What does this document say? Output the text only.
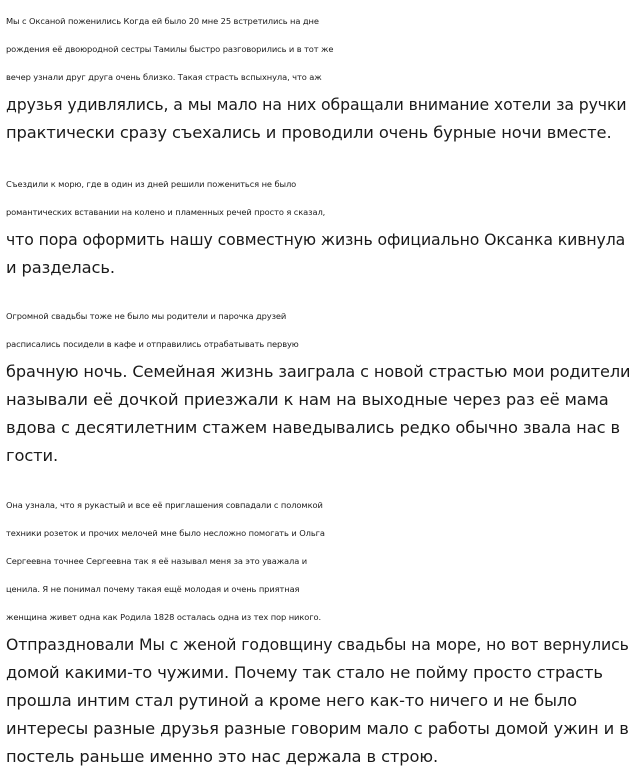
Мы с Оксаной поженились Когда ей было 20 мне 25 встретились на дне
рождения её двоюродной сестры Тамилы быстро разговорились и в тот же
вечер узнали друг друга очень близко. Такая страсть вспыхнула, что аж
друзья удивлялись, а мы мало на них обращали внимание хотели за ручки
практически сразу съехались и проводили очень бурные ночи вместе.
Съездили к морю, где в один из дней решили пожениться не было
романтических вставании на колено и пламенных речей просто я сказал,
что пора оформить нашу совместную жизнь официально Оксанка кивнула
и разделась.
Огромной свадьбы тоже не было мы родители и парочка друзей
расписались посидели в кафе и отправились отрабатывать первую
брачную ночь. Семейная жизнь заиграла с новой страстью мои родители
называли её дочкой приезжали к нам на выходные через раз её мама
вдова с десятилетним стажем наведывались редко обычно звала нас в
гости.
Она узнала, что я рукастый и все её приглашения совпадали с поломкой
техники розеток и прочих мелочей мне было несложно помогать и Ольга
Сергеевна точнее Сергеевна так я её называл меня за это уважала и
ценила. Я не понимал почему такая ещё молодая и очень приятная
женщина живет одна как Родила 1828 осталась одна из тех пор никого.
Отпраздновали Мы с женой годовщину свадьбы на море, но вот вернулись
домой какими-то чужими. Почему так стало не пойму просто страсть
прошла интим стал рутиной а кроме него как-то ничего и не было
интересы разные друзья разные говорим мало с работы домой ужин и в
постель раньше именно это нас держала в строю.
